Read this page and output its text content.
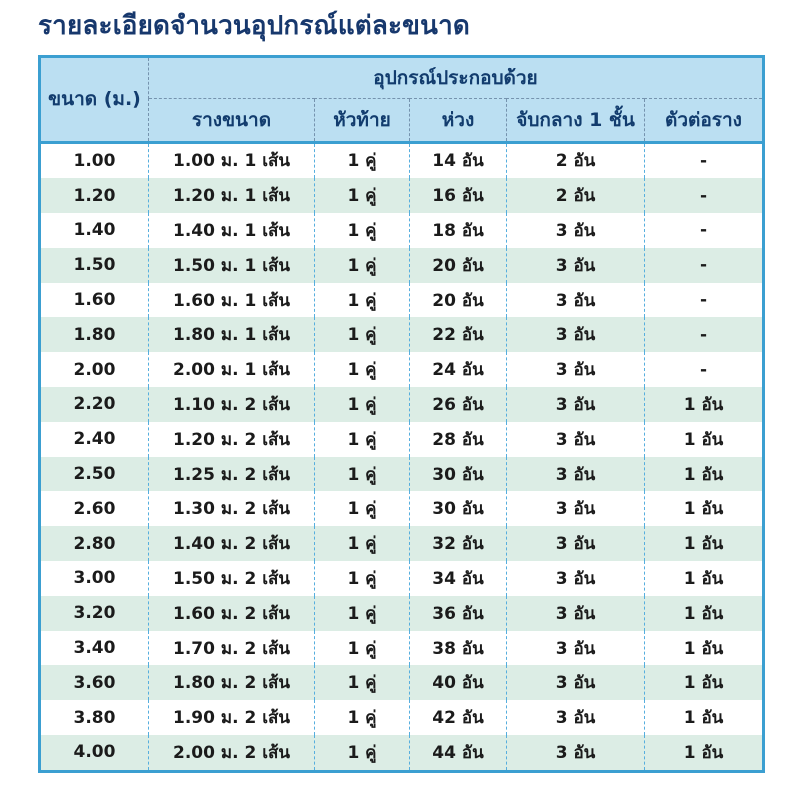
รายละเอียดจำนวนอุปกรณ์แต่ละขนาด
ขนาด (ม.)	อุปกรณ์ประกอบด้วย				
	รางขนาด	หัวท้าย	ห่วง	จับกลาง 1 ชั้น	ตัวต่อราง
1.00	1.00 ม. 1 เส้น	1 คู่	14 อัน	2 อัน	-
1.20	1.20 ม. 1 เส้น	1 คู่	16 อัน	2 อัน	-
1.40	1.40 ม. 1 เส้น	1 คู่	18 อัน	3 อัน	-
1.50	1.50 ม. 1 เส้น	1 คู่	20 อัน	3 อัน	-
1.60	1.60 ม. 1 เส้น	1 คู่	20 อัน	3 อัน	-
1.80	1.80 ม. 1 เส้น	1 คู่	22 อัน	3 อัน	-
2.00	2.00 ม. 1 เส้น	1 คู่	24 อัน	3 อัน	-
2.20	1.10 ม. 2 เส้น	1 คู่	26 อัน	3 อัน	1 อัน
2.40	1.20 ม. 2 เส้น	1 คู่	28 อัน	3 อัน	1 อัน
2.50	1.25 ม. 2 เส้น	1 คู่	30 อัน	3 อัน	1 อัน
2.60	1.30 ม. 2 เส้น	1 คู่	30 อัน	3 อัน	1 อัน
2.80	1.40 ม. 2 เส้น	1 คู่	32 อัน	3 อัน	1 อัน
3.00	1.50 ม. 2 เส้น	1 คู่	34 อัน	3 อัน	1 อัน
3.20	1.60 ม. 2 เส้น	1 คู่	36 อัน	3 อัน	1 อัน
3.40	1.70 ม. 2 เส้น	1 คู่	38 อัน	3 อัน	1 อัน
3.60	1.80 ม. 2 เส้น	1 คู่	40 อัน	3 อัน	1 อัน
3.80	1.90 ม. 2 เส้น	1 คู่	42 อัน	3 อัน	1 อัน
4.00	2.00 ม. 2 เส้น	1 คู่	44 อัน	3 อัน	1 อัน
